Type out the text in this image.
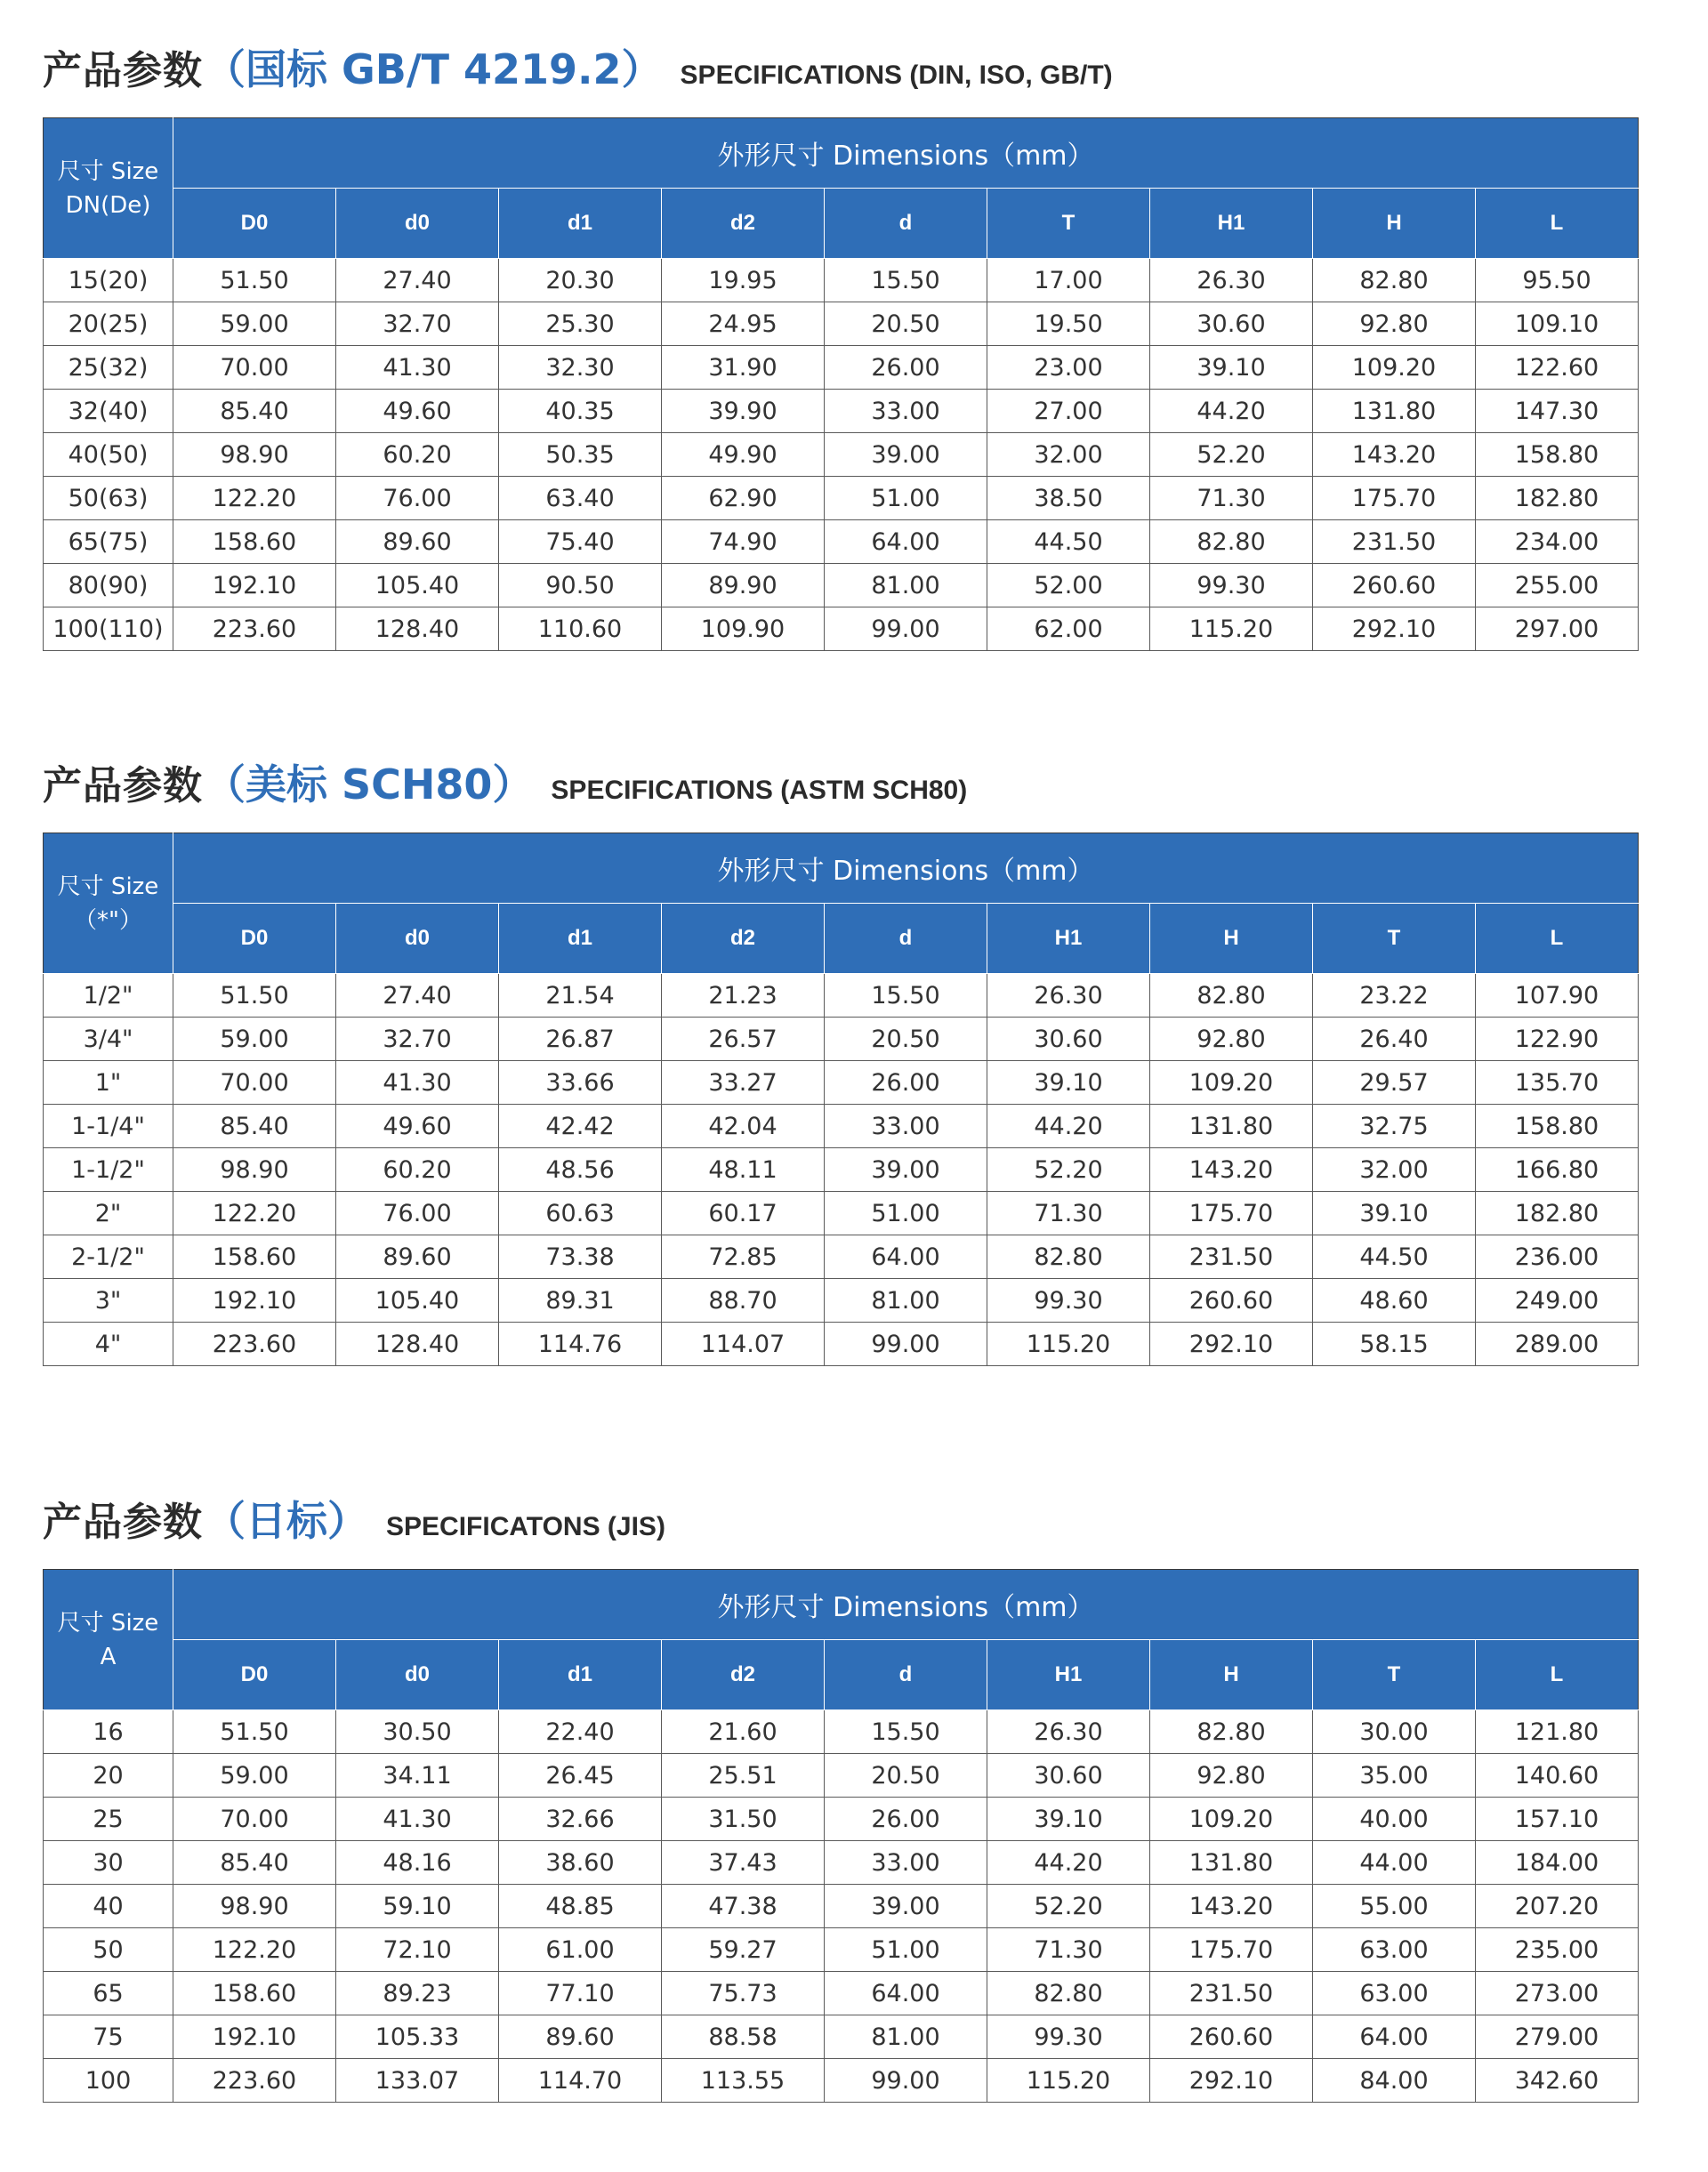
产品参数 （国标 GB/T 4219.2） SPECIFICATIONS (DIN, ISO, GB/T)
尺寸 Size
DN(De)	外形尺寸 Dimensions（mm）								
	D0	d0	d1	d2	d	T	H1	H	L
15(20)	51.50	27.40	20.30	19.95	15.50	17.00	26.30	82.80	95.50
20(25)	59.00	32.70	25.30	24.95	20.50	19.50	30.60	92.80	109.10
25(32)	70.00	41.30	32.30	31.90	26.00	23.00	39.10	109.20	122.60
32(40)	85.40	49.60	40.35	39.90	33.00	27.00	44.20	131.80	147.30
40(50)	98.90	60.20	50.35	49.90	39.00	32.00	52.20	143.20	158.80
50(63)	122.20	76.00	63.40	62.90	51.00	38.50	71.30	175.70	182.80
65(75)	158.60	89.60	75.40	74.90	64.00	44.50	82.80	231.50	234.00
80(90)	192.10	105.40	90.50	89.90	81.00	52.00	99.30	260.60	255.00
100(110)	223.60	128.40	110.60	109.90	99.00	62.00	115.20	292.10	297.00
产品参数 （美标 SCH80） SPECIFICATIONS (ASTM SCH80)
尺寸 Size
（*"）	外形尺寸 Dimensions（mm）								
	D0	d0	d1	d2	d	H1	H	T	L
1/2"	51.50	27.40	21.54	21.23	15.50	26.30	82.80	23.22	107.90
3/4"	59.00	32.70	26.87	26.57	20.50	30.60	92.80	26.40	122.90
1"	70.00	41.30	33.66	33.27	26.00	39.10	109.20	29.57	135.70
1-1/4"	85.40	49.60	42.42	42.04	33.00	44.20	131.80	32.75	158.80
1-1/2"	98.90	60.20	48.56	48.11	39.00	52.20	143.20	32.00	166.80
2"	122.20	76.00	60.63	60.17	51.00	71.30	175.70	39.10	182.80
2-1/2"	158.60	89.60	73.38	72.85	64.00	82.80	231.50	44.50	236.00
3"	192.10	105.40	89.31	88.70	81.00	99.30	260.60	48.60	249.00
4"	223.60	128.40	114.76	114.07	99.00	115.20	292.10	58.15	289.00
产品参数 （日标） SPECIFICATONS (JIS)
尺寸 Size
A	外形尺寸 Dimensions（mm）								
	D0	d0	d1	d2	d	H1	H	T	L
16	51.50	30.50	22.40	21.60	15.50	26.30	82.80	30.00	121.80
20	59.00	34.11	26.45	25.51	20.50	30.60	92.80	35.00	140.60
25	70.00	41.30	32.66	31.50	26.00	39.10	109.20	40.00	157.10
30	85.40	48.16	38.60	37.43	33.00	44.20	131.80	44.00	184.00
40	98.90	59.10	48.85	47.38	39.00	52.20	143.20	55.00	207.20
50	122.20	72.10	61.00	59.27	51.00	71.30	175.70	63.00	235.00
65	158.60	89.23	77.10	75.73	64.00	82.80	231.50	63.00	273.00
75	192.10	105.33	89.60	88.58	81.00	99.30	260.60	64.00	279.00
100	223.60	133.07	114.70	113.55	99.00	115.20	292.10	84.00	342.60
